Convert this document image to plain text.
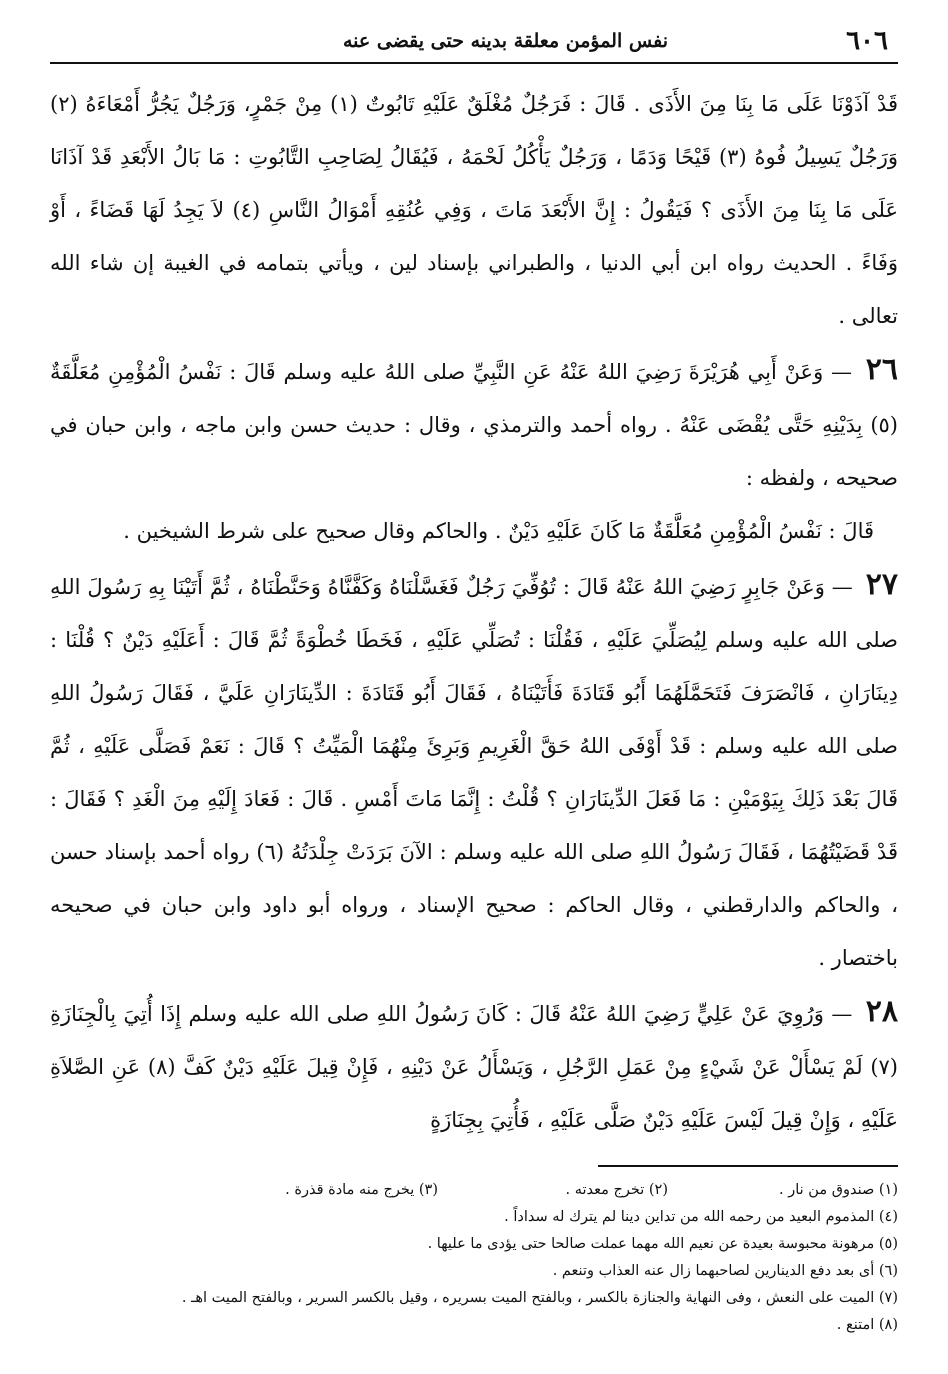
٦٠٦
نفس المؤمن معلقة بدينه حتى يقضى عنه

قَدْ آذَوْنَا عَلَى مَا بِنَا مِنَ الأَذَى . قَالَ : فَرَجُلٌ مُغْلَقٌ عَلَيْهِ تَابُوتٌ (١) مِنْ جَمْرٍ، وَرَجُلٌ يَجُرُّ أَمْعَاءَهُ (٢) وَرَجُلٌ يَسِيلُ فُوهُ (٣) قَيْحًا وَدَمًا ، وَرَجُلٌ يَأْكُلُ لَحْمَهُ ، فَيُقَالُ لِصَاحِبِ التَّابُوتِ : مَا بَالُ الأَبْعَدِ قَدْ آذَانَا عَلَى مَا بِنَا مِنَ الأَذَى ؟ فَيَقُولُ : إِنَّ الأَبْعَدَ مَاتَ ، وَفِي عُنُقِهِ أَمْوَالُ النَّاسِ (٤) لاَ يَجِدُ لَهَا قَضَاءً ، أَوْ وَفَاءً . الحديث رواه ابن أبي الدنيا ، والطبراني بإسناد لين ، ويأتي بتمامه في الغيبة إن شاء الله تعالى .

٢٦ — وَعَنْ أَبِي هُرَيْرَةَ رَضِيَ اللهُ عَنْهُ عَنِ النَّبِيِّ صلى اللهُ عليه وسلم قَالَ : نَفْسُ الْمُؤْمِنِ مُعَلَّقَةٌ (٥) بِدَيْنِهِ حَتَّى يُقْضَى عَنْهُ . رواه أحمد والترمذي ، وقال : حديث حسن وابن ماجه ، وابن حبان في صحيحه ، ولفظه :

قَالَ : نَفْسُ الْمُؤْمِنِ مُعَلَّقَةٌ مَا كَانَ عَلَيْهِ دَيْنٌ . والحاكم وقال صحيح على شرط الشيخين .

٢٧ — وَعَنْ جَابِرٍ رَضِيَ اللهُ عَنْهُ قَالَ : تُوُفِّيَ رَجُلٌ فَغَسَّلْنَاهُ وَكَفَّنَّاهُ وَحَنَّطْنَاهُ ، ثُمَّ أَتَيْنَا بِهِ رَسُولَ اللهِ صلى الله عليه وسلم لِيُصَلِّيَ عَلَيْهِ ، فَقُلْنَا : تُصَلِّي عَلَيْهِ ، فَخَطَا خُطْوَةً ثُمَّ قَالَ : أَعَلَيْهِ دَيْنٌ ؟ قُلْنَا : دِينَارَانِ ، فَانْصَرَفَ فَتَحَمَّلَهُمَا أَبُو قَتَادَةَ فَأَتَيْنَاهُ ، فَقَالَ أَبُو قَتَادَةَ : الدِّينَارَانِ عَلَيَّ ، فَقَالَ رَسُولُ اللهِ صلى الله عليه وسلم : قَدْ أَوْفَى اللهُ حَقَّ الْغَرِيمِ وَبَرِئَ مِنْهُمَا الْمَيِّتُ ؟ قَالَ : نَعَمْ فَصَلَّى عَلَيْهِ ، ثُمَّ قَالَ بَعْدَ ذَلِكَ بِيَوْمَيْنِ : مَا فَعَلَ الدِّينَارَانِ ؟ قُلْتُ : إِنَّمَا مَاتَ أَمْسِ . قَالَ : فَعَادَ إِلَيْهِ مِنَ الْغَدِ ؟ فَقَالَ : قَدْ قَضَيْتُهُمَا ، فَقَالَ رَسُولُ اللهِ صلى الله عليه وسلم : الآنَ بَرَدَتْ جِلْدَتُهُ (٦) رواه أحمد بإسناد حسن ، والحاكم والدارقطني ، وقال الحاكم : صحيح الإسناد ، ورواه أبو داود وابن حبان في صحيحه باختصار .

٢٨ — وَرُوِيَ عَنْ عَلِيٍّ رَضِيَ اللهُ عَنْهُ قَالَ : كَانَ رَسُولُ اللهِ صلى الله عليه وسلم إِذَا أُتِيَ بِالْجِنَازَةِ (٧) لَمْ يَسْأَلْ عَنْ شَيْءٍ مِنْ عَمَلِ الرَّجُلِ ، وَيَسْأَلُ عَنْ دَيْنِهِ ، فَإِنْ قِيلَ عَلَيْهِ دَيْنٌ كَفَّ (٨) عَنِ الصَّلاَةِ عَلَيْهِ ، وَإِنْ قِيلَ لَيْسَ عَلَيْهِ دَيْنٌ صَلَّى عَلَيْهِ ، فَأُتِيَ بِجِنَازَةٍ

(١) صندوق من نار .
(٢) تخرج معدته .
(٣) يخرج منه مادة قذرة .

(٤) المذموم البعيد من رحمه الله من تداين دينا لم يترك له سداداً .

(٥) مرهونة محبوسة بعيدة عن نعيم الله مهما عملت صالحا حتى يؤدى ما عليها .

(٦) أى بعد دفع الدينارين لصاحبهما زال عنه العذاب وتنعم .

(٧) الميت على النعش ، وفى النهاية والجنازة بالكسر ، وبالفتح الميت بسريره ، وقيل بالكسر السرير ، وبالفتح الميت اهـ .

(٨) امتنع .
